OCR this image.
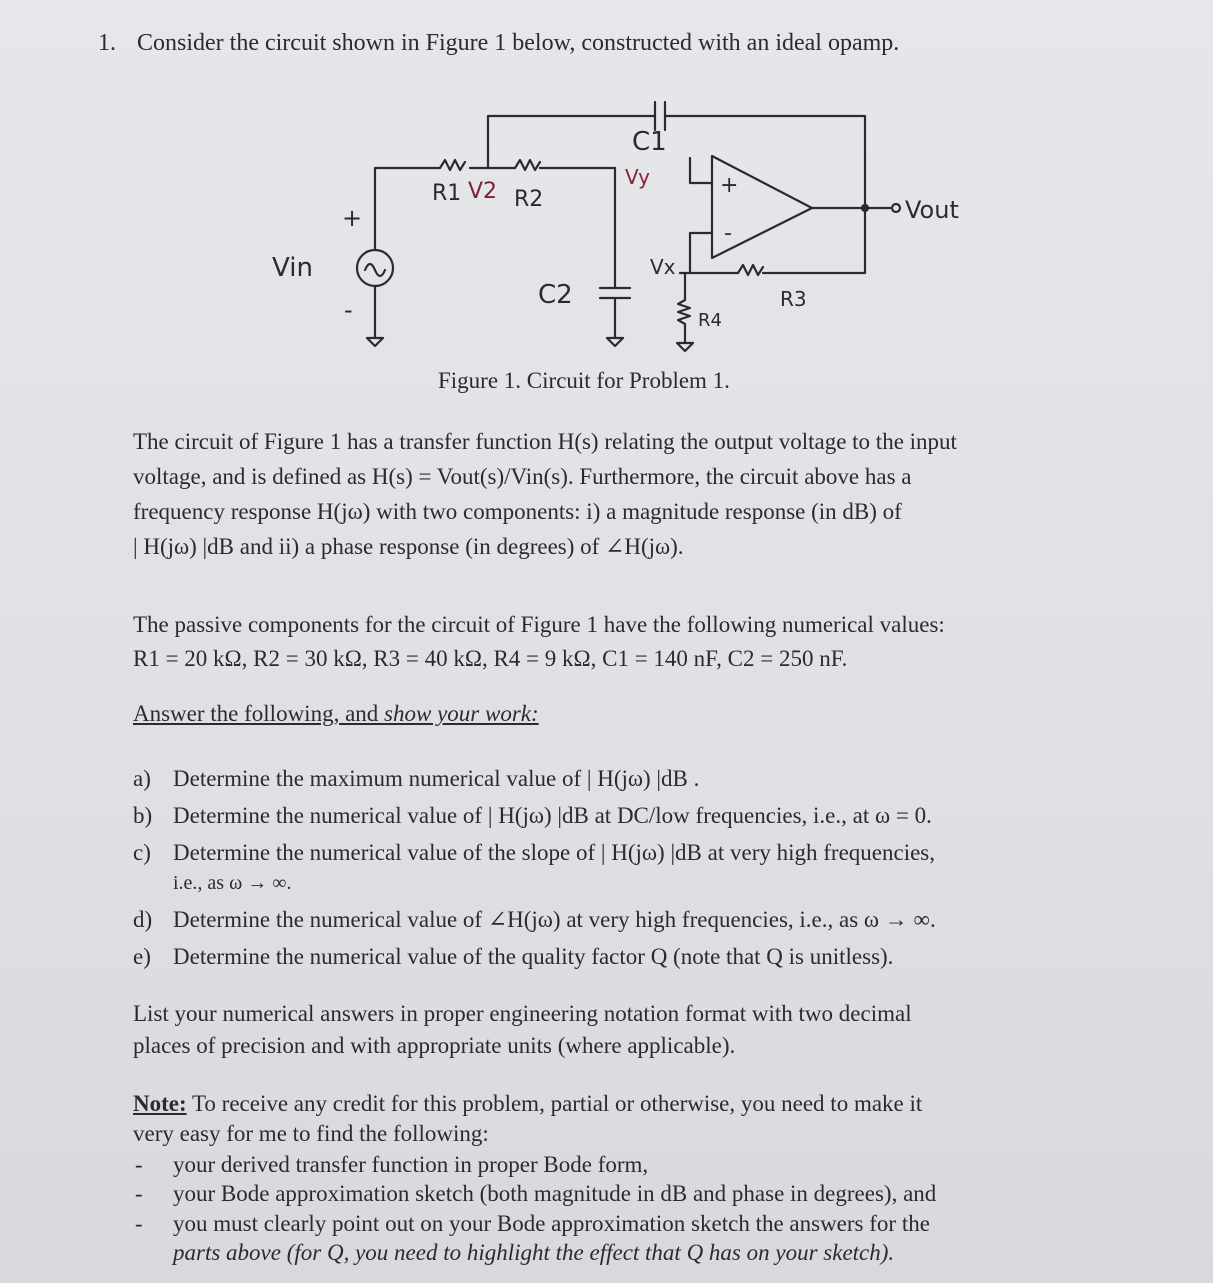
1. Consider the circuit shown in Figure 1 below, constructed with an ideal opamp.
C1
R1 V2 R2
Vy
Vin
+
-	C2
Vx
R4
R3
Vout
+
-
Figure 1. Circuit for Problem 1.
The circuit of Figure 1 has a transfer function H(s) relating the output voltage to the input
voltage, and is defined as H(s) = Vout(s)/Vin(s). Furthermore, the circuit above has a
frequency response H(jω) with two components: i) a magnitude response (in dB) of
| H(jω) |dB and ii) a phase response (in degrees) of ∠H(jω).
The passive components for the circuit of Figure 1 have the following numerical values:
R1 = 20 kΩ, R2 = 30 kΩ, R3 = 40 kΩ, R4 = 9 kΩ, C1 = 140 nF, C2 = 250 nF.
Answer the following, and show your work:
a) Determine the maximum numerical value of | H(jω) |dB .
b) Determine the numerical value of | H(jω) |dB at DC/low frequencies, i.e., at ω = 0.
c) Determine the numerical value of the slope of | H(jω) |dB at very high frequencies,
i.e., as ω → ∞.
d) Determine the numerical value of ∠H(jω) at very high frequencies, i.e., as ω → ∞.
e) Determine the numerical value of the quality factor Q (note that Q is unitless).
List your numerical answers in proper engineering notation format with two decimal
places of precision and with appropriate units (where applicable).
Note: To receive any credit for this problem, partial or otherwise, you need to make it
very easy for me to find the following:
- your derived transfer function in proper Bode form,
- your Bode approximation sketch (both magnitude in dB and phase in degrees), and
- you must clearly point out on your Bode approximation sketch the answers for the
parts above (for Q, you need to highlight the effect that Q has on your sketch).
